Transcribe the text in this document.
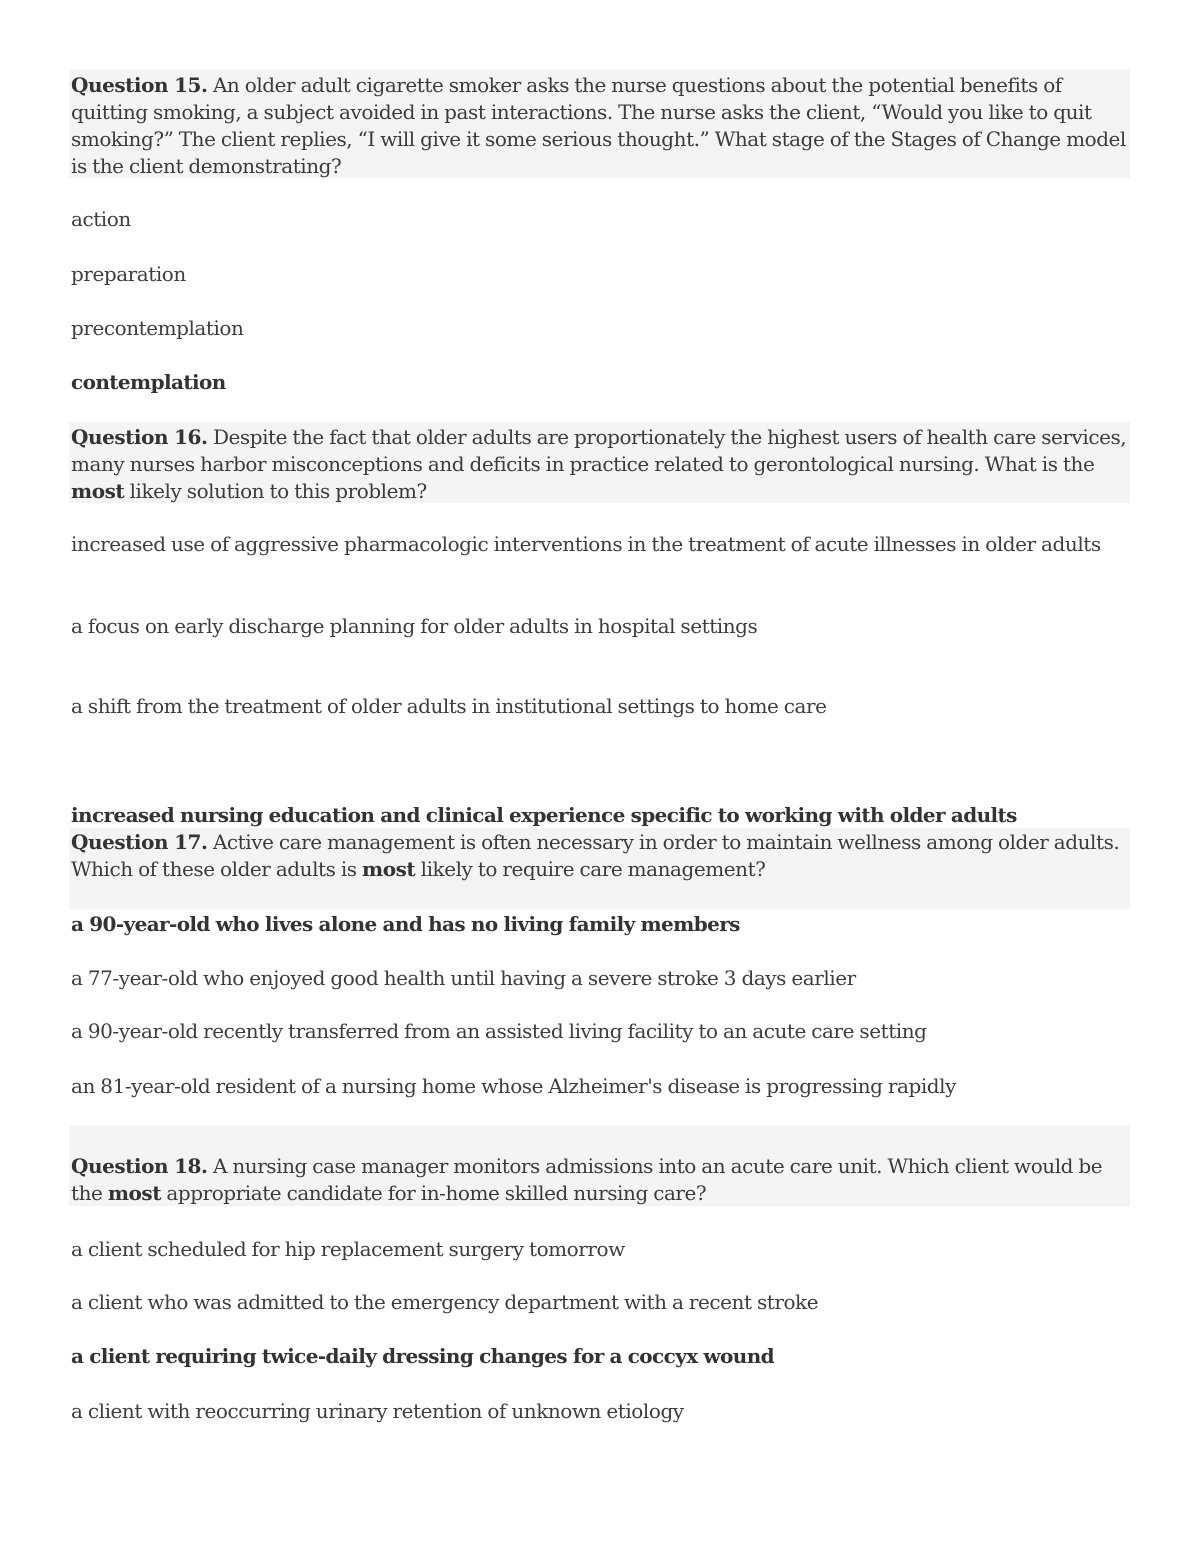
Question 15. An older adult cigarette smoker asks the nurse questions about the potential benefits of quitting smoking, a subject avoided in past interactions. The nurse asks the client, “Would you like to quit smoking?” The client replies, “I will give it some serious thought.” What stage of the Stages of Change model is the client demonstrating?
action
preparation
precontemplation
contemplation
Question 16. Despite the fact that older adults are proportionately the highest users of health care services, many nurses harbor misconceptions and deficits in practice related to gerontological nursing. What is the most likely solution to this problem?
increased use of aggressive pharmacologic interventions in the treatment of acute illnesses in older adults
a focus on early discharge planning for older adults in hospital settings
a shift from the treatment of older adults in institutional settings to home care
increased nursing education and clinical experience specific to working with older adults
Question 17. Active care management is often necessary in order to maintain wellness among older adults. Which of these older adults is most likely to require care management?
a 90-year-old who lives alone and has no living family members
a 77-year-old who enjoyed good health until having a severe stroke 3 days earlier
a 90-year-old recently transferred from an assisted living facility to an acute care setting
an 81-year-old resident of a nursing home whose Alzheimer's disease is progressing rapidly
Question 18. A nursing case manager monitors admissions into an acute care unit. Which client would be the most appropriate candidate for in-home skilled nursing care?
a client scheduled for hip replacement surgery tomorrow
a client who was admitted to the emergency department with a recent stroke
a client requiring twice-daily dressing changes for a coccyx wound
a client with reoccurring urinary retention of unknown etiology
